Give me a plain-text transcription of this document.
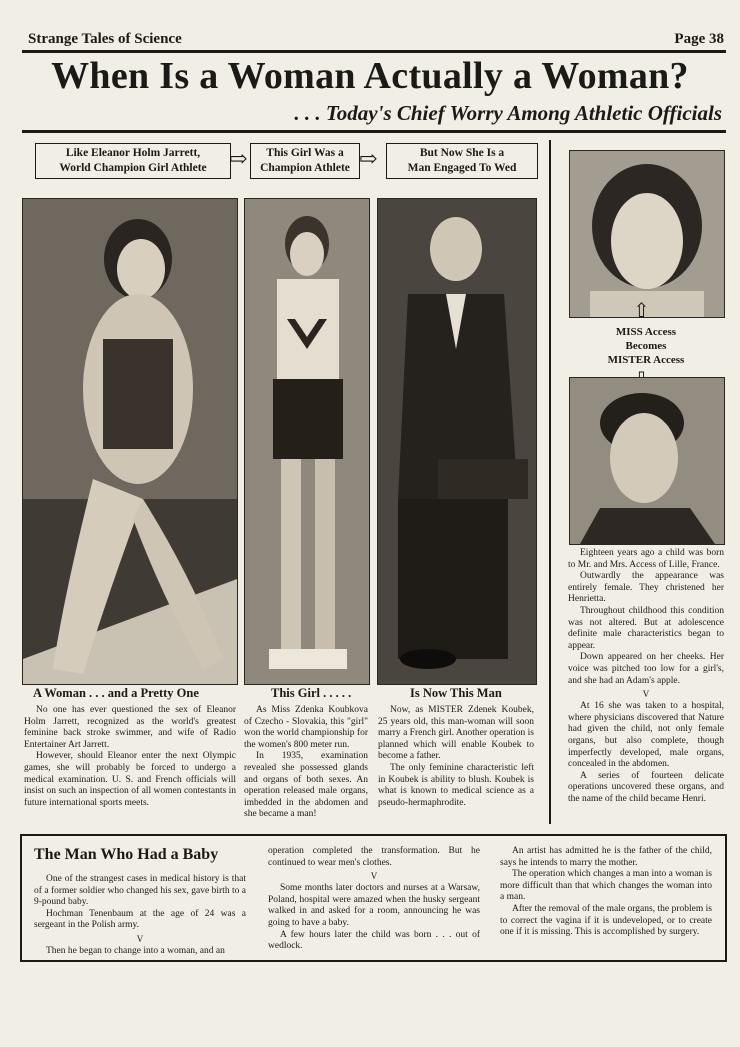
Strange Tales of Science	Page 38
When Is a Woman Actually a Woman?
. . . Today's Chief Worry Among Athletic Officials
Like Eleanor Holm Jarrett,
World Champion Girl Athlete ⇨	This Girl Was a
Champion Athlete ⇨	But Now She Is a
Man Engaged To Wed
⇧
MISS Access
Becomes
MISTER Access
A Woman . . . and a Pretty One	This Girl . . . . .	Is Now This Man

No one has ever questioned the sex of Eleanor Holm Jarrett, recognized as the world's greatest feminine back stroke swimmer, and wife of Radio Entertainer Art Jarrett.

However, should Eleanor enter the next Olympic games, she will probably be forced to undergo a medical examination. U. S. and French officials will insist on such an inspection of all women contestants in future international sports meets.

As Miss Zdenka Koubkova of Czecho - Slovakia, this "girl" won the world championship for the women's 800 meter run.

In 1935, examination revealed she possessed glands and organs of both sexes. An operation released male organs, imbedded in the abdomen and she became a man!

Now, as MISTER Zdenek Koubek, 25 years old, this man-woman will soon marry a French girl. Another operation is planned which will enable Koubek to become a father.

The only feminine characteristic left in Koubek is ability to blush. Koubek is what is known to medical science as a pseudo-hermaphrodite.

Eighteen years ago a child was born to Mr. and Mrs. Access of Lille, France.

Outwardly the appearance was entirely female. They christened her Henrietta.

Throughout childhood this condition was not altered. But at adolescence definite male characteristics began to appear.

Down appeared on her cheeks. Her voice was pitched too low for a girl's, and she had an Adam's apple.

V

At 16 she was taken to a hospital, where physicians discovered that Nature had given the child, not only female organs, but also complete, though imperfectly developed, male organs, concealed in the abdomen.

A series of fourteen delicate operations uncovered these organs, and the name of the child became Henri.

The Man Who Had a Baby

One of the strangest cases in medical history is that of a former soldier who changed his sex, gave birth to a 9-pound baby.

Hochman Tenenbaum at the age of 24 was a sergeant in the Polish army.

V

Then he began to change into a woman, and an

operation completed the transformation. But he continued to wear men's clothes.

V

Some months later doctors and nurses at a Warsaw, Poland, hospital were amazed when the husky sergeant walked in and asked for a room, announcing he was going to have a baby.

A few hours later the child was born . . . out of wedlock.

An artist has admitted he is the father of the child, says he intends to marry the mother.

The operation which changes a man into a woman is more difficult than that which changes the woman into a man.

After the removal of the male organs, the problem is to correct the vagina if it is undeveloped, or to create one if it is missing. This is accomplished by surgery.
